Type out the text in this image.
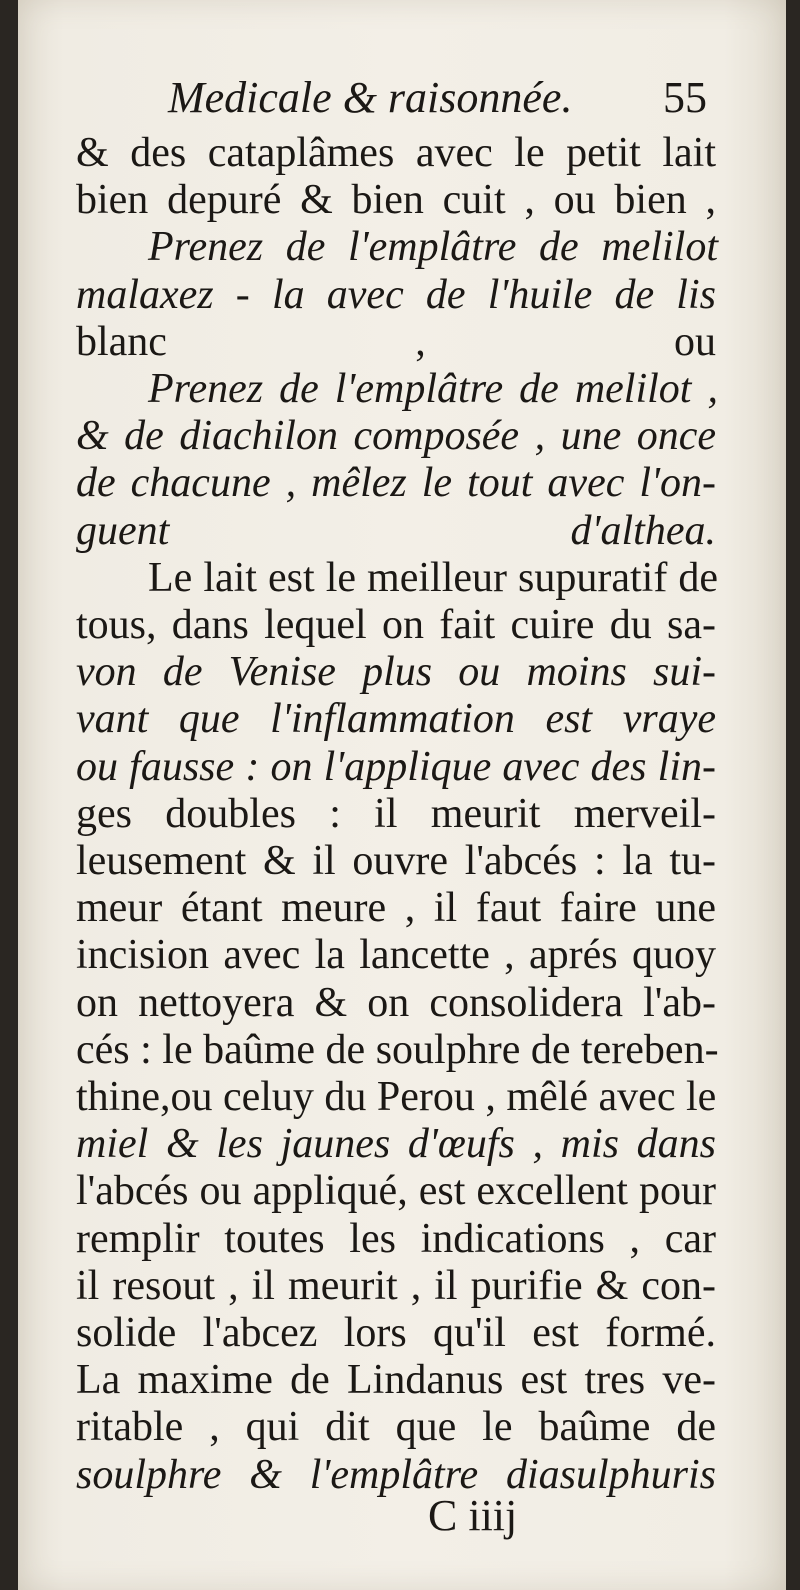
Medicale & raisonnée.	55
& des cataplâmes avec le petit lait
bien depuré & bien cuit , ou bien ,
Prenez de l'emplâtre de melilot
malaxez - la avec de l'huile de lis
blanc , ou
Prenez de l'emplâtre de melilot ,
& de diachilon composée , une once
de chacune , mêlez le tout avec l'on-
guent d'althea.
Le lait est le meilleur supuratif de
tous, dans lequel on fait cuire du sa-
von de Venise plus ou moins sui-
vant que l'inflammation est vraye
ou fausse : on l'applique avec des lin-
ges doubles : il meurit merveil-
leusement & il ouvre l'abcés : la tu-
meur étant meure , il faut faire une
incision avec la lancette , aprés quoy
on nettoyera & on consolidera l'ab-
cés : le baûme de soulphre de tereben-
thine,ou celuy du Perou , mêlé avec le
miel & les jaunes d'œufs , mis dans
l'abcés ou appliqué, est excellent pour
remplir toutes les indications , car
il resout , il meurit , il purifie & con-
solide l'abcez lors qu'il est formé.
La maxime de Lindanus est tres ve-
ritable , qui dit que le baûme de
soulphre & l'emplâtre diasulphuris
C iiij
